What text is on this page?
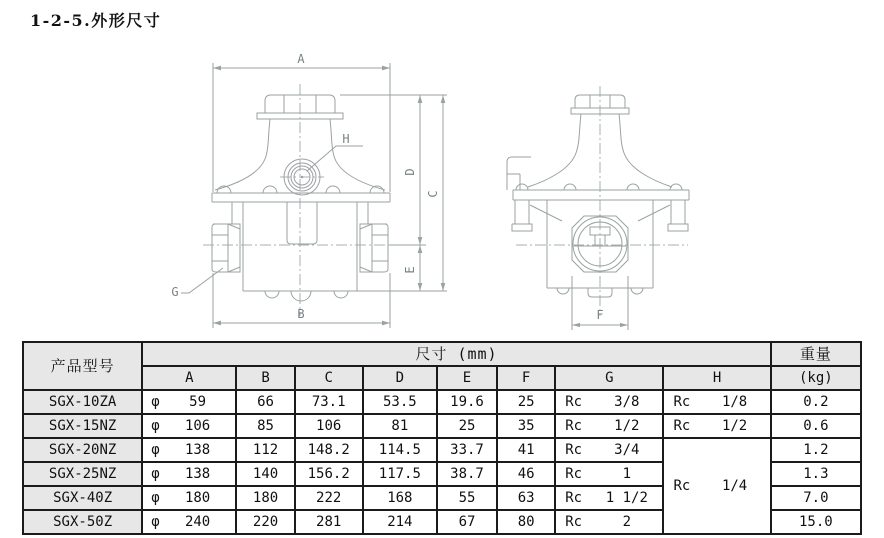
1-2-5.外形尺寸
A
B
D
E
C
H
G
F
产品型号	尺寸 (mm)								重量
	A	B	C	D	E	F	G	H	(kg)
SGX-10ZA	φ 59	66	73.1	53.5	19.6	25	Rc 3/8	Rc 1/8	0.2
SGX-15NZ	φ 106	85	106	81	25	35	Rc 1/2	Rc 1/2	0.6
SGX-20NZ	φ 138	112	148.2	114.5	33.7	41	Rc 3/4	Rc 1/4	1.2
SGX-25NZ	φ 138	140	156.2	117.5	38.7	46	Rc 1		1.3
SGX-40Z	φ 180	180	222	168	55	63	Rc 1 1/2		7.0
SGX-50Z	φ 240	220	281	214	67	80	Rc 2		15.0
